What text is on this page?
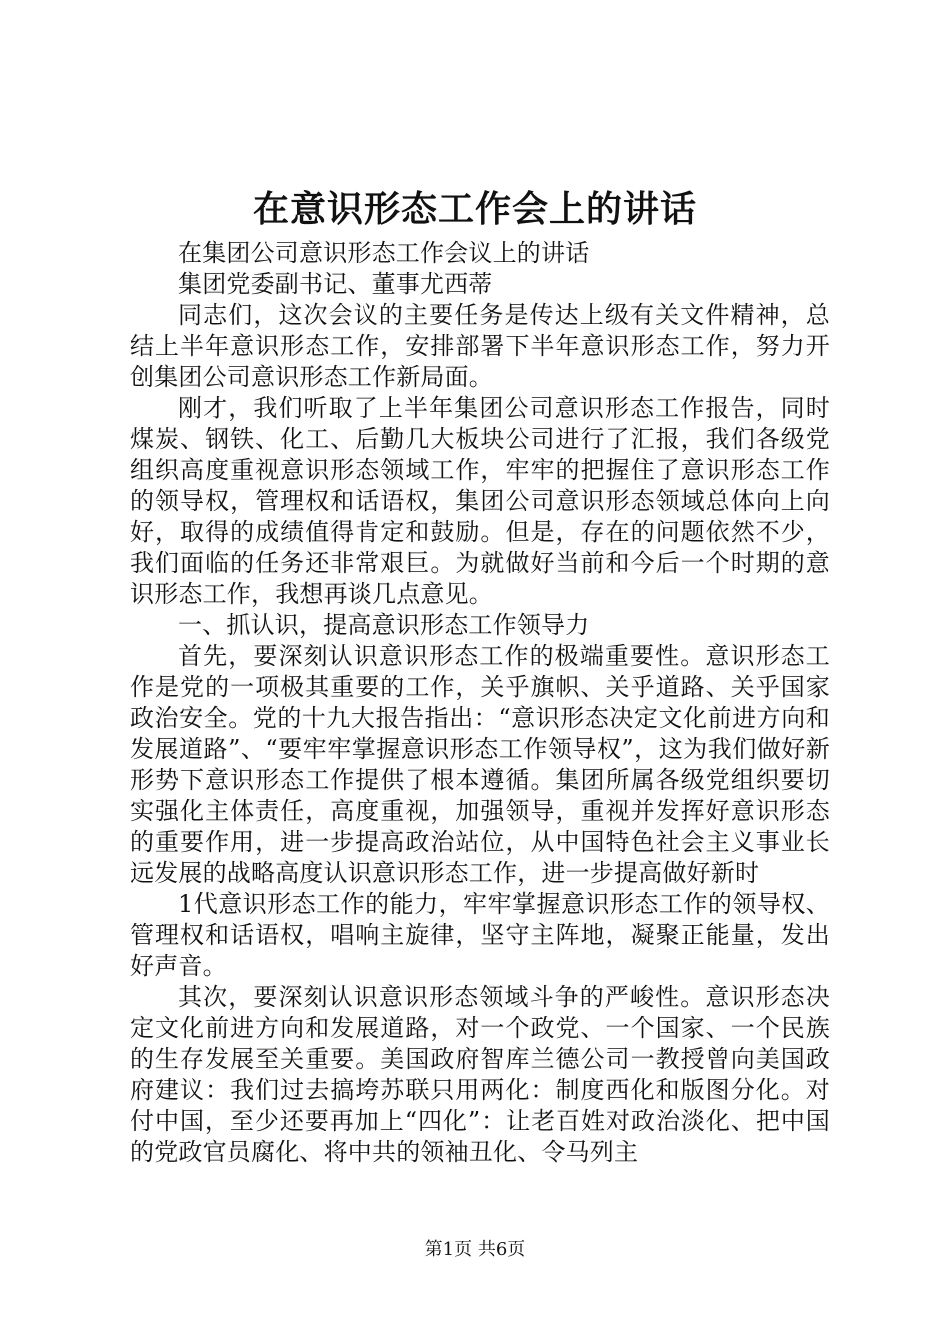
在意识形态工作会上的讲话

在集团公司意识形态工作会议上的讲话

集团党委副书记、董事尤西蒂

同志们，这次会议的主要任务是传达上级有关文件精神，总结上半年意识形态工作，安排部署下半年意识形态工作，努力开创集团公司意识形态工作新局面。

刚才，我们听取了上半年集团公司意识形态工作报告，同时煤炭、钢铁、化工、后勤几大板块公司进行了汇报，我们各级党组织高度重视意识形态领域工作，牢牢的把握住了意识形态工作的领导权，管理权和话语权，集团公司意识形态领域总体向上向好，取得的成绩值得肯定和鼓励。但是，存在的问题依然不少，我们面临的任务还非常艰巨。为就做好当前和今后一个时期的意识形态工作，我想再谈几点意见。

一、抓认识，提高意识形态工作领导力

首先，要深刻认识意识形态工作的极端重要性。意识形态工作是党的一项极其重要的工作，关乎旗帜、关乎道路、关乎国家政治安全。党的十九大报告指出：“意识形态决定文化前进方向和发展道路”、“要牢牢掌握意识形态工作领导权”，这为我们做好新形势下意识形态工作提供了根本遵循。集团所属各级党组织要切实强化主体责任，高度重视，加强领导，重视并发挥好意识形态的重要作用，进一步提高政治站位，从中国特色社会主义事业长远发展的战略高度认识意识形态工作，进一步提高做好新时

1代意识形态工作的能力，牢牢掌握意识形态工作的领导权、管理权和话语权，唱响主旋律，坚守主阵地，凝聚正能量，发出好声音。

其次，要深刻认识意识形态领域斗争的严峻性。意识形态决定文化前进方向和发展道路，对一个政党、一个国家、一个民族的生存发展至关重要。美国政府智库兰德公司一教授曾向美国政府建议：我们过去搞垮苏联只用两化：制度西化和版图分化。对付中国，至少还要再加上“四化”：让老百姓对政治淡化、把中国的党政官员腐化、将中共的领袖丑化、令马列主

第1页 共6页
